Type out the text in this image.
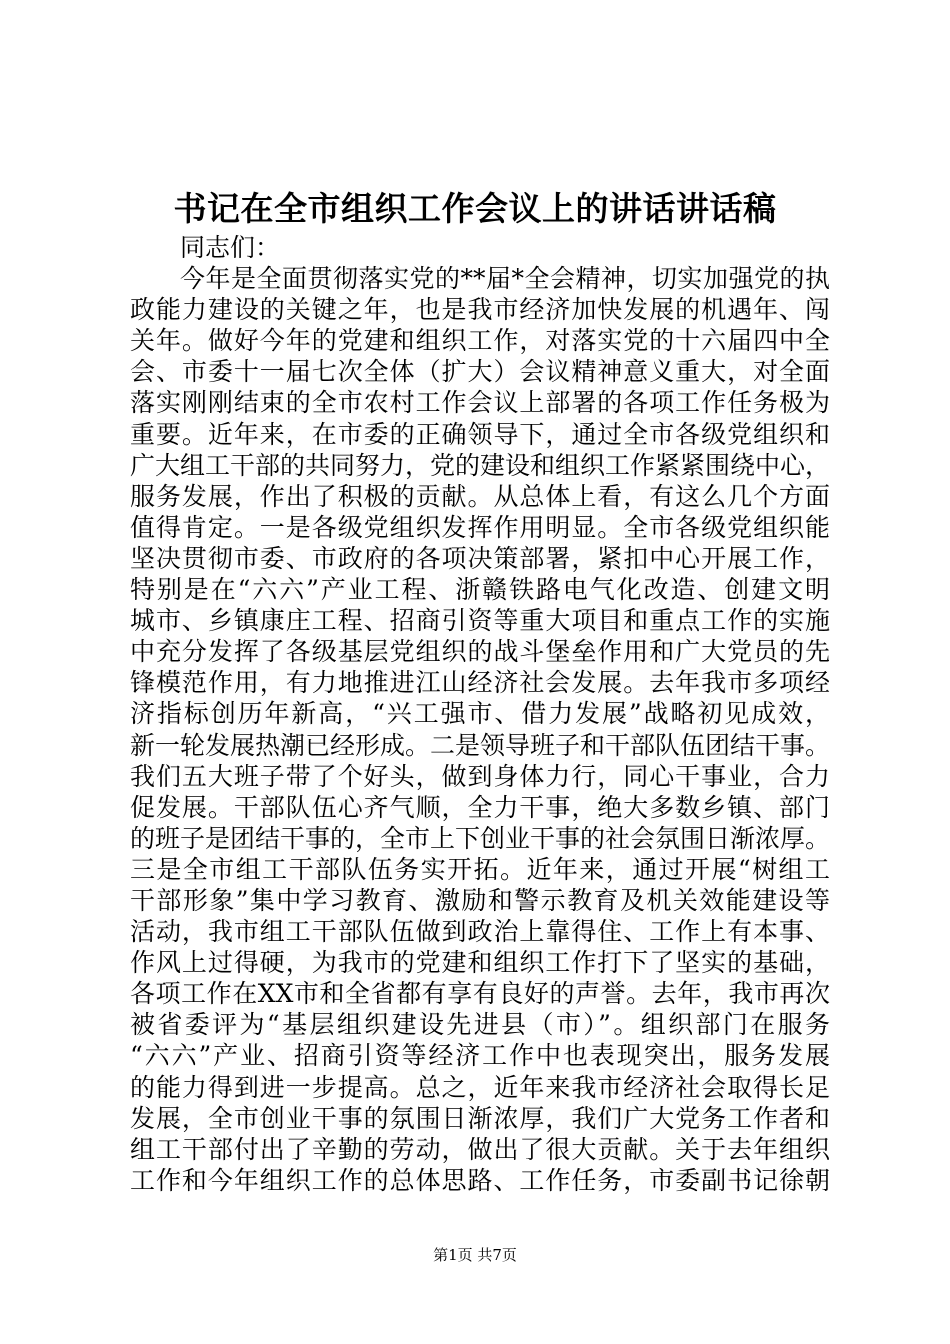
书记在全市组织工作会议上的讲话讲话稿
同志们：
今年是全面贯彻落实党的**届*全会精神，切实加强党的执
政能力建设的关键之年，也是我市经济加快发展的机遇年、闯
关年。做好今年的党建和组织工作，对落实党的十六届四中全
会、市委十一届七次全体（扩大）会议精神意义重大，对全面
落实刚刚结束的全市农村工作会议上部署的各项工作任务极为
重要。近年来，在市委的正确领导下，通过全市各级党组织和
广大组工干部的共同努力，党的建设和组织工作紧紧围绕中心，
服务发展，作出了积极的贡献。从总体上看，有这么几个方面
值得肯定。一是各级党组织发挥作用明显。全市各级党组织能
坚决贯彻市委、市政府的各项决策部署，紧扣中心开展工作，
特别是在“六六”产业工程、浙赣铁路电气化改造、创建文明
城市、乡镇康庄工程、招商引资等重大项目和重点工作的实施
中充分发挥了各级基层党组织的战斗堡垒作用和广大党员的先
锋模范作用，有力地推进江山经济社会发展。去年我市多项经
济指标创历年新高，“兴工强市、借力发展”战略初见成效，
新一轮发展热潮已经形成。二是领导班子和干部队伍团结干事。
我们五大班子带了个好头，做到身体力行，同心干事业，合力
促发展。干部队伍心齐气顺，全力干事，绝大多数乡镇、部门
的班子是团结干事的，全市上下创业干事的社会氛围日渐浓厚。
三是全市组工干部队伍务实开拓。近年来，通过开展“树组工
干部形象”集中学习教育、激励和警示教育及机关效能建设等
活动，我市组工干部队伍做到政治上靠得住、工作上有本事、
作风上过得硬，为我市的党建和组织工作打下了坚实的基础，
各项工作在XX市和全省都有享有良好的声誉。去年，我市再次
被省委评为“基层组织建设先进县（市）”。组织部门在服务
“六六”产业、招商引资等经济工作中也表现突出，服务发展
的能力得到进一步提高。总之，近年来我市经济社会取得长足
发展，全市创业干事的氛围日渐浓厚，我们广大党务工作者和
组工干部付出了辛勤的劳动，做出了很大贡献。关于去年组织
工作和今年组织工作的总体思路、工作任务，市委副书记徐朝
第1页 共7页
